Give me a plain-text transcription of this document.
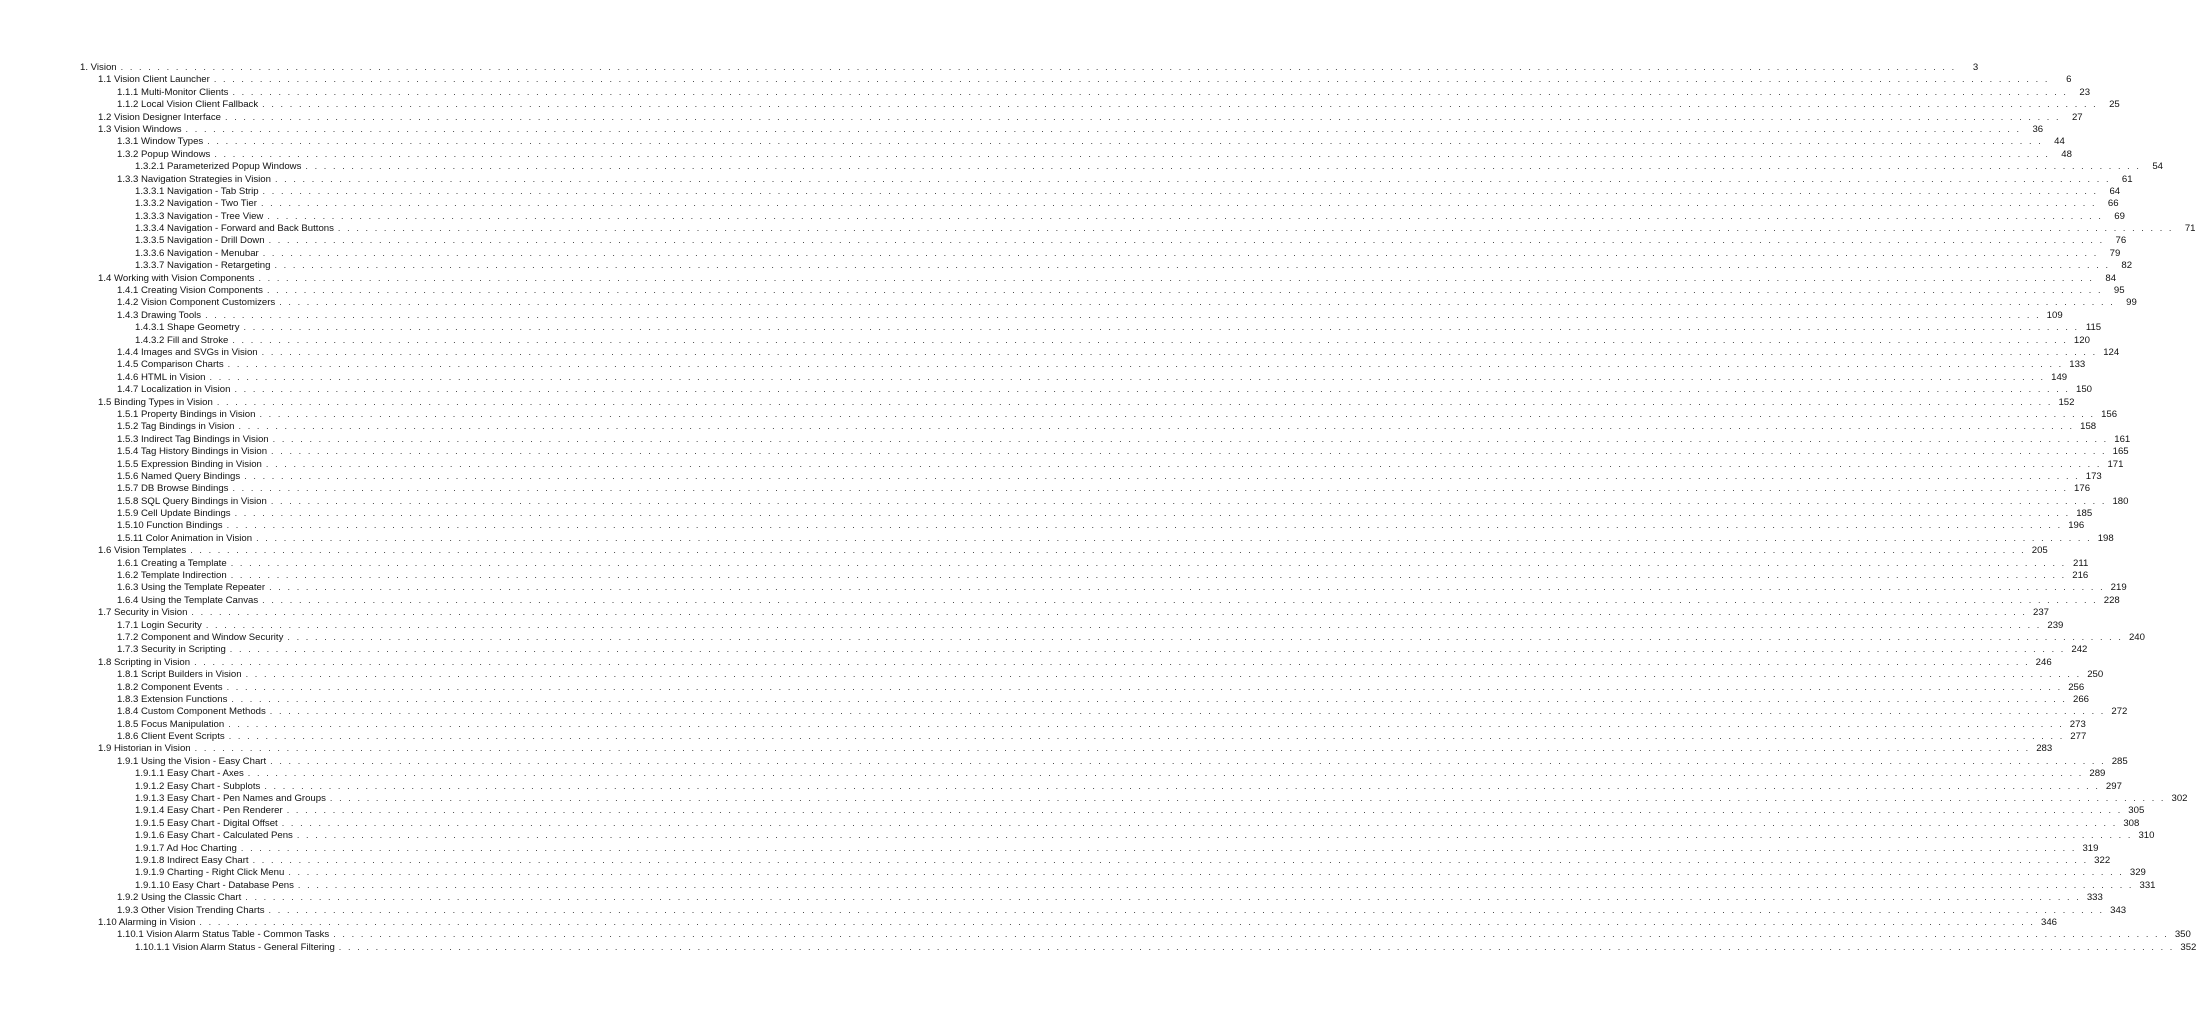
1. Vision . . . . . . . . . . . . . . . . . . . . . . . . . . . . . . . . . . . . . . . . . . . . . . . . . . . . . . . . . . . . . . . . . . . . . . . . . . . . . . . . . . . . . . . . . . . . . . . . . . . . . . . . . . . . . . . . . . . . . . . . . . . . . . . . . . . . . . . . . . . . . . . . . . . . . . . . . . . . . . . . . . . . . . . . . . . . . . . . . . . . . . . . . . . . . . . . . . . . . . . .	3
1.1 Vision Client Launcher . . . . . . . . . . . . . . . . . . . . . . . . . . . . . . . . . . . . . . . . . . . . . . . . . . . . . . . . . . . . . . . . . . . . . . . . . . . . . . . . . . . . . . . . . . . . . . . . . . . . . . . . . . . . . . . . . . . . . . . . . . . . . . . . . . . . . . . . . . . . . . . . . . . . . . . . . . . . . . . . . . . . . . . . . . . . . . . . . . . . . . . . . . . . . . . . . . . . . . . .	6
1.1.1 Multi-Monitor Clients . . . . . . . . . . . . . . . . . . . . . . . . . . . . . . . . . . . . . . . . . . . . . . . . . . . . . . . . . . . . . . . . . . . . . . . . . . . . . . . . . . . . . . . . . . . . . . . . . . . . . . . . . . . . . . . . . . . . . . . . . . . . . . . . . . . . . . . . . . . . . . . . . . . . . . . . . . . . . . . . . . . . . . . . . . . . . . . . . . . . . . . . . . . . . . . . . . . . . . . .	23
1.1.2 Local Vision Client Fallback . . . . . . . . . . . . . . . . . . . . . . . . . . . . . . . . . . . . . . . . . . . . . . . . . . . . . . . . . . . . . . . . . . . . . . . . . . . . . . . . . . . . . . . . . . . . . . . . . . . . . . . . . . . . . . . . . . . . . . . . . . . . . . . . . . . . . . . . . . . . . . . . . . . . . . . . . . . . . . . . . . . . . . . . . . . . . . . . . . . . . . . . . . . . . . . . . . . . . . . .	25
1.2 Vision Designer Interface . . . . . . . . . . . . . . . . . . . . . . . . . . . . . . . . . . . . . . . . . . . . . . . . . . . . . . . . . . . . . . . . . . . . . . . . . . . . . . . . . . . . . . . . . . . . . . . . . . . . . . . . . . . . . . . . . . . . . . . . . . . . . . . . . . . . . . . . . . . . . . . . . . . . . . . . . . . . . . . . . . . . . . . . . . . . . . . . . . . . . . . . . . . . . . . . . . . . . . . .	27
1.3 Vision Windows . . . . . . . . . . . . . . . . . . . . . . . . . . . . . . . . . . . . . . . . . . . . . . . . . . . . . . . . . . . . . . . . . . . . . . . . . . . . . . . . . . . . . . . . . . . . . . . . . . . . . . . . . . . . . . . . . . . . . . . . . . . . . . . . . . . . . . . . . . . . . . . . . . . . . . . . . . . . . . . . . . . . . . . . . . . . . . . . . . . . . . . . . . . . . . . . . . . . . . . .	36
1.3.1 Window Types . . . . . . . . . . . . . . . . . . . . . . . . . . . . . . . . . . . . . . . . . . . . . . . . . . . . . . . . . . . . . . . . . . . . . . . . . . . . . . . . . . . . . . . . . . . . . . . . . . . . . . . . . . . . . . . . . . . . . . . . . . . . . . . . . . . . . . . . . . . . . . . . . . . . . . . . . . . . . . . . . . . . . . . . . . . . . . . . . . . . . . . . . . . . . . . . . . . . . . . .	44
1.3.2 Popup Windows . . . . . . . . . . . . . . . . . . . . . . . . . . . . . . . . . . . . . . . . . . . . . . . . . . . . . . . . . . . . . . . . . . . . . . . . . . . . . . . . . . . . . . . . . . . . . . . . . . . . . . . . . . . . . . . . . . . . . . . . . . . . . . . . . . . . . . . . . . . . . . . . . . . . . . . . . . . . . . . . . . . . . . . . . . . . . . . . . . . . . . . . . . . . . . . . . . . . . . . .	48
1.3.2.1 Parameterized Popup Windows . . . . . . . . . . . . . . . . . . . . . . . . . . . . . . . . . . . . . . . . . . . . . . . . . . . . . . . . . . . . . . . . . . . . . . . . . . . . . . . . . . . . . . . . . . . . . . . . . . . . . . . . . . . . . . . . . . . . . . . . . . . . . . . . . . . . . . . . . . . . . . . . . . . . . . . . . . . . . . . . . . . . . . . . . . . . . . . . . . . . . . . . . . . . . . . . . . . . . . . .	54
1.3.3 Navigation Strategies in Vision . . . . . . . . . . . . . . . . . . . . . . . . . . . . . . . . . . . . . . . . . . . . . . . . . . . . . . . . . . . . . . . . . . . . . . . . . . . . . . . . . . . . . . . . . . . . . . . . . . . . . . . . . . . . . . . . . . . . . . . . . . . . . . . . . . . . . . . . . . . . . . . . . . . . . . . . . . . . . . . . . . . . . . . . . . . . . . . . . . . . . . . . . . . . . . . . . . . . . . . .	61
1.3.3.1 Navigation - Tab Strip . . . . . . . . . . . . . . . . . . . . . . . . . . . . . . . . . . . . . . . . . . . . . . . . . . . . . . . . . . . . . . . . . . . . . . . . . . . . . . . . . . . . . . . . . . . . . . . . . . . . . . . . . . . . . . . . . . . . . . . . . . . . . . . . . . . . . . . . . . . . . . . . . . . . . . . . . . . . . . . . . . . . . . . . . . . . . . . . . . . . . . . . . . . . . . . . . . . . . . . .	64
1.3.3.2 Navigation - Two Tier . . . . . . . . . . . . . . . . . . . . . . . . . . . . . . . . . . . . . . . . . . . . . . . . . . . . . . . . . . . . . . . . . . . . . . . . . . . . . . . . . . . . . . . . . . . . . . . . . . . . . . . . . . . . . . . . . . . . . . . . . . . . . . . . . . . . . . . . . . . . . . . . . . . . . . . . . . . . . . . . . . . . . . . . . . . . . . . . . . . . . . . . . . . . . . . . . . . . . . . .	66
1.3.3.3 Navigation - Tree View . . . . . . . . . . . . . . . . . . . . . . . . . . . . . . . . . . . . . . . . . . . . . . . . . . . . . . . . . . . . . . . . . . . . . . . . . . . . . . . . . . . . . . . . . . . . . . . . . . . . . . . . . . . . . . . . . . . . . . . . . . . . . . . . . . . . . . . . . . . . . . . . . . . . . . . . . . . . . . . . . . . . . . . . . . . . . . . . . . . . . . . . . . . . . . . . . . . . . . . .	69
1.3.3.4 Navigation - Forward and Back Buttons . . . . . . . . . . . . . . . . . . . . . . . . . . . . . . . . . . . . . . . . . . . . . . . . . . . . . . . . . . . . . . . . . . . . . . . . . . . . . . . . . . . . . . . . . . . . . . . . . . . . . . . . . . . . . . . . . . . . . . . . . . . . . . . . . . . . . . . . . . . . . . . . . . . . . . . . . . . . . . . . . . . . . . . . . . . . . . . . . . . . . . . . . . . . . . . . . . . . . . . .	71
1.3.3.5 Navigation - Drill Down . . . . . . . . . . . . . . . . . . . . . . . . . . . . . . . . . . . . . . . . . . . . . . . . . . . . . . . . . . . . . . . . . . . . . . . . . . . . . . . . . . . . . . . . . . . . . . . . . . . . . . . . . . . . . . . . . . . . . . . . . . . . . . . . . . . . . . . . . . . . . . . . . . . . . . . . . . . . . . . . . . . . . . . . . . . . . . . . . . . . . . . . . . . . . . . . . . . . . . . .	76
1.3.3.6 Navigation - Menubar . . . . . . . . . . . . . . . . . . . . . . . . . . . . . . . . . . . . . . . . . . . . . . . . . . . . . . . . . . . . . . . . . . . . . . . . . . . . . . . . . . . . . . . . . . . . . . . . . . . . . . . . . . . . . . . . . . . . . . . . . . . . . . . . . . . . . . . . . . . . . . . . . . . . . . . . . . . . . . . . . . . . . . . . . . . . . . . . . . . . . . . . . . . . . . . . . . . . . . . .	79
1.3.3.7 Navigation - Retargeting . . . . . . . . . . . . . . . . . . . . . . . . . . . . . . . . . . . . . . . . . . . . . . . . . . . . . . . . . . . . . . . . . . . . . . . . . . . . . . . . . . . . . . . . . . . . . . . . . . . . . . . . . . . . . . . . . . . . . . . . . . . . . . . . . . . . . . . . . . . . . . . . . . . . . . . . . . . . . . . . . . . . . . . . . . . . . . . . . . . . . . . . . . . . . . . . . . . . . . . .	82
1.4 Working with Vision Components . . . . . . . . . . . . . . . . . . . . . . . . . . . . . . . . . . . . . . . . . . . . . . . . . . . . . . . . . . . . . . . . . . . . . . . . . . . . . . . . . . . . . . . . . . . . . . . . . . . . . . . . . . . . . . . . . . . . . . . . . . . . . . . . . . . . . . . . . . . . . . . . . . . . . . . . . . . . . . . . . . . . . . . . . . . . . . . . . . . . . . . . . . . . . . . . . . . . . . . .	84
1.4.1 Creating Vision Components . . . . . . . . . . . . . . . . . . . . . . . . . . . . . . . . . . . . . . . . . . . . . . . . . . . . . . . . . . . . . . . . . . . . . . . . . . . . . . . . . . . . . . . . . . . . . . . . . . . . . . . . . . . . . . . . . . . . . . . . . . . . . . . . . . . . . . . . . . . . . . . . . . . . . . . . . . . . . . . . . . . . . . . . . . . . . . . . . . . . . . . . . . . . . . . . . . . . . . . .	95
1.4.2 Vision Component Customizers . . . . . . . . . . . . . . . . . . . . . . . . . . . . . . . . . . . . . . . . . . . . . . . . . . . . . . . . . . . . . . . . . . . . . . . . . . . . . . . . . . . . . . . . . . . . . . . . . . . . . . . . . . . . . . . . . . . . . . . . . . . . . . . . . . . . . . . . . . . . . . . . . . . . . . . . . . . . . . . . . . . . . . . . . . . . . . . . . . . . . . . . . . . . . . . . . . . . . . . .	99
1.4.3 Drawing Tools . . . . . . . . . . . . . . . . . . . . . . . . . . . . . . . . . . . . . . . . . . . . . . . . . . . . . . . . . . . . . . . . . . . . . . . . . . . . . . . . . . . . . . . . . . . . . . . . . . . . . . . . . . . . . . . . . . . . . . . . . . . . . . . . . . . . . . . . . . . . . . . . . . . . . . . . . . . . . . . . . . . . . . . . . . . . . . . . . . . . . . . . . . . . . . . . . . . . . . . . 109
1.4.3.1 Shape Geometry . . . . . . . . . . . . . . . . . . . . . . . . . . . . . . . . . . . . . . . . . . . . . . . . . . . . . . . . . . . . . . . . . . . . . . . . . . . . . . . . . . . . . . . . . . . . . . . . . . . . . . . . . . . . . . . . . . . . . . . . . . . . . . . . . . . . . . . . . . . . . . . . . . . . . . . . . . . . . . . . . . . . . . . . . . . . . . . . . . . . . . . . . . . . . . . . . . . . . . . . 115
1.4.3.2 Fill and Stroke . . . . . . . . . . . . . . . . . . . . . . . . . . . . . . . . . . . . . . . . . . . . . . . . . . . . . . . . . . . . . . . . . . . . . . . . . . . . . . . . . . . . . . . . . . . . . . . . . . . . . . . . . . . . . . . . . . . . . . . . . . . . . . . . . . . . . . . . . . . . . . . . . . . . . . . . . . . . . . . . . . . . . . . . . . . . . . . . . . . . . . . . . . . . . . . . . . . . . . . . 120
1.4.4 Images and SVGs in Vision . . . . . . . . . . . . . . . . . . . . . . . . . . . . . . . . . . . . . . . . . . . . . . . . . . . . . . . . . . . . . . . . . . . . . . . . . . . . . . . . . . . . . . . . . . . . . . . . . . . . . . . . . . . . . . . . . . . . . . . . . . . . . . . . . . . . . . . . . . . . . . . . . . . . . . . . . . . . . . . . . . . . . . . . . . . . . . . . . . . . . . . . . . . . . . . . . . . . . . . . 124
1.4.5 Comparison Charts . . . . . . . . . . . . . . . . . . . . . . . . . . . . . . . . . . . . . . . . . . . . . . . . . . . . . . . . . . . . . . . . . . . . . . . . . . . . . . . . . . . . . . . . . . . . . . . . . . . . . . . . . . . . . . . . . . . . . . . . . . . . . . . . . . . . . . . . . . . . . . . . . . . . . . . . . . . . . . . . . . . . . . . . . . . . . . . . . . . . . . . . . . . . . . . . . . . . . . . . 133
1.4.6 HTML in Vision . . . . . . . . . . . . . . . . . . . . . . . . . . . . . . . . . . . . . . . . . . . . . . . . . . . . . . . . . . . . . . . . . . . . . . . . . . . . . . . . . . . . . . . . . . . . . . . . . . . . . . . . . . . . . . . . . . . . . . . . . . . . . . . . . . . . . . . . . . . . . . . . . . . . . . . . . . . . . . . . . . . . . . . . . . . . . . . . . . . . . . . . . . . . . . . . . . . . . . . . 149
1.4.7 Localization in Vision . . . . . . . . . . . . . . . . . . . . . . . . . . . . . . . . . . . . . . . . . . . . . . . . . . . . . . . . . . . . . . . . . . . . . . . . . . . . . . . . . . . . . . . . . . . . . . . . . . . . . . . . . . . . . . . . . . . . . . . . . . . . . . . . . . . . . . . . . . . . . . . . . . . . . . . . . . . . . . . . . . . . . . . . . . . . . . . . . . . . . . . . . . . . . . . . . . . . . . . . 150
1.5 Binding Types in Vision . . . . . . . . . . . . . . . . . . . . . . . . . . . . . . . . . . . . . . . . . . . . . . . . . . . . . . . . . . . . . . . . . . . . . . . . . . . . . . . . . . . . . . . . . . . . . . . . . . . . . . . . . . . . . . . . . . . . . . . . . . . . . . . . . . . . . . . . . . . . . . . . . . . . . . . . . . . . . . . . . . . . . . . . . . . . . . . . . . . . . . . . . . . . . . . . . . . . . . . . 152
1.5.1 Property Bindings in Vision . . . . . . . . . . . . . . . . . . . . . . . . . . . . . . . . . . . . . . . . . . . . . . . . . . . . . . . . . . . . . . . . . . . . . . . . . . . . . . . . . . . . . . . . . . . . . . . . . . . . . . . . . . . . . . . . . . . . . . . . . . . . . . . . . . . . . . . . . . . . . . . . . . . . . . . . . . . . . . . . . . . . . . . . . . . . . . . . . . . . . . . . . . . . . . . . . . . . . . . . 156
1.5.2 Tag Bindings in Vision . . . . . . . . . . . . . . . . . . . . . . . . . . . . . . . . . . . . . . . . . . . . . . . . . . . . . . . . . . . . . . . . . . . . . . . . . . . . . . . . . . . . . . . . . . . . . . . . . . . . . . . . . . . . . . . . . . . . . . . . . . . . . . . . . . . . . . . . . . . . . . . . . . . . . . . . . . . . . . . . . . . . . . . . . . . . . . . . . . . . . . . . . . . . . . . . . . . . . . . . 158
1.5.3 Indirect Tag Bindings in Vision . . . . . . . . . . . . . . . . . . . . . . . . . . . . . . . . . . . . . . . . . . . . . . . . . . . . . . . . . . . . . . . . . . . . . . . . . . . . . . . . . . . . . . . . . . . . . . . . . . . . . . . . . . . . . . . . . . . . . . . . . . . . . . . . . . . . . . . . . . . . . . . . . . . . . . . . . . . . . . . . . . . . . . . . . . . . . . . . . . . . . . . . . . . . . . . . . . . . . . . . 161
1.5.4 Tag History Bindings in Vision . . . . . . . . . . . . . . . . . . . . . . . . . . . . . . . . . . . . . . . . . . . . . . . . . . . . . . . . . . . . . . . . . . . . . . . . . . . . . . . . . . . . . . . . . . . . . . . . . . . . . . . . . . . . . . . . . . . . . . . . . . . . . . . . . . . . . . . . . . . . . . . . . . . . . . . . . . . . . . . . . . . . . . . . . . . . . . . . . . . . . . . . . . . . . . . . . . . . . . . . 165
1.5.5 Expression Binding in Vision . . . . . . . . . . . . . . . . . . . . . . . . . . . . . . . . . . . . . . . . . . . . . . . . . . . . . . . . . . . . . . . . . . . . . . . . . . . . . . . . . . . . . . . . . . . . . . . . . . . . . . . . . . . . . . . . . . . . . . . . . . . . . . . . . . . . . . . . . . . . . . . . . . . . . . . . . . . . . . . . . . . . . . . . . . . . . . . . . . . . . . . . . . . . . . . . . . . . . . . . 171
1.5.6 Named Query Bindings . . . . . . . . . . . . . . . . . . . . . . . . . . . . . . . . . . . . . . . . . . . . . . . . . . . . . . . . . . . . . . . . . . . . . . . . . . . . . . . . . . . . . . . . . . . . . . . . . . . . . . . . . . . . . . . . . . . . . . . . . . . . . . . . . . . . . . . . . . . . . . . . . . . . . . . . . . . . . . . . . . . . . . . . . . . . . . . . . . . . . . . . . . . . . . . . . . . . . . . . 173
1.5.7 DB Browse Bindings . . . . . . . . . . . . . . . . . . . . . . . . . . . . . . . . . . . . . . . . . . . . . . . . . . . . . . . . . . . . . . . . . . . . . . . . . . . . . . . . . . . . . . . . . . . . . . . . . . . . . . . . . . . . . . . . . . . . . . . . . . . . . . . . . . . . . . . . . . . . . . . . . . . . . . . . . . . . . . . . . . . . . . . . . . . . . . . . . . . . . . . . . . . . . . . . . . . . . . . . 176
1.5.8 SQL Query Bindings in Vision . . . . . . . . . . . . . . . . . . . . . . . . . . . . . . . . . . . . . . . . . . . . . . . . . . . . . . . . . . . . . . . . . . . . . . . . . . . . . . . . . . . . . . . . . . . . . . . . . . . . . . . . . . . . . . . . . . . . . . . . . . . . . . . . . . . . . . . . . . . . . . . . . . . . . . . . . . . . . . . . . . . . . . . . . . . . . . . . . . . . . . . . . . . . . . . . . . . . . . . . 180
1.5.9 Cell Update Bindings . . . . . . . . . . . . . . . . . . . . . . . . . . . . . . . . . . . . . . . . . . . . . . . . . . . . . . . . . . . . . . . . . . . . . . . . . . . . . . . . . . . . . . . . . . . . . . . . . . . . . . . . . . . . . . . . . . . . . . . . . . . . . . . . . . . . . . . . . . . . . . . . . . . . . . . . . . . . . . . . . . . . . . . . . . . . . . . . . . . . . . . . . . . . . . . . . . . . . . . . 185
1.5.10 Function Bindings . . . . . . . . . . . . . . . . . . . . . . . . . . . . . . . . . . . . . . . . . . . . . . . . . . . . . . . . . . . . . . . . . . . . . . . . . . . . . . . . . . . . . . . . . . . . . . . . . . . . . . . . . . . . . . . . . . . . . . . . . . . . . . . . . . . . . . . . . . . . . . . . . . . . . . . . . . . . . . . . . . . . . . . . . . . . . . . . . . . . . . . . . . . . . . . . . . . . . . . . 196
1.5.11 Color Animation in Vision . . . . . . . . . . . . . . . . . . . . . . . . . . . . . . . . . . . . . . . . . . . . . . . . . . . . . . . . . . . . . . . . . . . . . . . . . . . . . . . . . . . . . . . . . . . . . . . . . . . . . . . . . . . . . . . . . . . . . . . . . . . . . . . . . . . . . . . . . . . . . . . . . . . . . . . . . . . . . . . . . . . . . . . . . . . . . . . . . . . . . . . . . . . . . . . . . . . . . . . . 198
1.6 Vision Templates . . . . . . . . . . . . . . . . . . . . . . . . . . . . . . . . . . . . . . . . . . . . . . . . . . . . . . . . . . . . . . . . . . . . . . . . . . . . . . . . . . . . . . . . . . . . . . . . . . . . . . . . . . . . . . . . . . . . . . . . . . . . . . . . . . . . . . . . . . . . . . . . . . . . . . . . . . . . . . . . . . . . . . . . . . . . . . . . . . . . . . . . . . . . . . . . . . . . . . . . 205
1.6.1 Creating a Template . . . . . . . . . . . . . . . . . . . . . . . . . . . . . . . . . . . . . . . . . . . . . . . . . . . . . . . . . . . . . . . . . . . . . . . . . . . . . . . . . . . . . . . . . . . . . . . . . . . . . . . . . . . . . . . . . . . . . . . . . . . . . . . . . . . . . . . . . . . . . . . . . . . . . . . . . . . . . . . . . . . . . . . . . . . . . . . . . . . . . . . . . . . . . . . . . . . . . . . . 211
1.6.2 Template Indirection . . . . . . . . . . . . . . . . . . . . . . . . . . . . . . . . . . . . . . . . . . . . . . . . . . . . . . . . . . . . . . . . . . . . . . . . . . . . . . . . . . . . . . . . . . . . . . . . . . . . . . . . . . . . . . . . . . . . . . . . . . . . . . . . . . . . . . . . . . . . . . . . . . . . . . . . . . . . . . . . . . . . . . . . . . . . . . . . . . . . . . . . . . . . . . . . . . . . . . . . 216
1.6.3 Using the Template Repeater . . . . . . . . . . . . . . . . . . . . . . . . . . . . . . . . . . . . . . . . . . . . . . . . . . . . . . . . . . . . . . . . . . . . . . . . . . . . . . . . . . . . . . . . . . . . . . . . . . . . . . . . . . . . . . . . . . . . . . . . . . . . . . . . . . . . . . . . . . . . . . . . . . . . . . . . . . . . . . . . . . . . . . . . . . . . . . . . . . . . . . . . . . . . . . . . . . . . . . . . 219
1.6.4 Using the Template Canvas . . . . . . . . . . . . . . . . . . . . . . . . . . . . . . . . . . . . . . . . . . . . . . . . . . . . . . . . . . . . . . . . . . . . . . . . . . . . . . . . . . . . . . . . . . . . . . . . . . . . . . . . . . . . . . . . . . . . . . . . . . . . . . . . . . . . . . . . . . . . . . . . . . . . . . . . . . . . . . . . . . . . . . . . . . . . . . . . . . . . . . . . . . . . . . . . . . . . . . . . 228
1.7 Security in Vision . . . . . . . . . . . . . . . . . . . . . . . . . . . . . . . . . . . . . . . . . . . . . . . . . . . . . . . . . . . . . . . . . . . . . . . . . . . . . . . . . . . . . . . . . . . . . . . . . . . . . . . . . . . . . . . . . . . . . . . . . . . . . . . . . . . . . . . . . . . . . . . . . . . . . . . . . . . . . . . . . . . . . . . . . . . . . . . . . . . . . . . . . . . . . . . . . . . . . . . . 237
1.7.1 Login Security . . . . . . . . . . . . . . . . . . . . . . . . . . . . . . . . . . . . . . . . . . . . . . . . . . . . . . . . . . . . . . . . . . . . . . . . . . . . . . . . . . . . . . . . . . . . . . . . . . . . . . . . . . . . . . . . . . . . . . . . . . . . . . . . . . . . . . . . . . . . . . . . . . . . . . . . . . . . . . . . . . . . . . . . . . . . . . . . . . . . . . . . . . . . . . . . . . . . . . . . 239
1.7.2 Component and Window Security . . . . . . . . . . . . . . . . . . . . . . . . . . . . . . . . . . . . . . . . . . . . . . . . . . . . . . . . . . . . . . . . . . . . . . . . . . . . . . . . . . . . . . . . . . . . . . . . . . . . . . . . . . . . . . . . . . . . . . . . . . . . . . . . . . . . . . . . . . . . . . . . . . . . . . . . . . . . . . . . . . . . . . . . . . . . . . . . . . . . . . . . . . . . . . . . . . . . . . . . 240
1.7.3 Security in Scripting . . . . . . . . . . . . . . . . . . . . . . . . . . . . . . . . . . . . . . . . . . . . . . . . . . . . . . . . . . . . . . . . . . . . . . . . . . . . . . . . . . . . . . . . . . . . . . . . . . . . . . . . . . . . . . . . . . . . . . . . . . . . . . . . . . . . . . . . . . . . . . . . . . . . . . . . . . . . . . . . . . . . . . . . . . . . . . . . . . . . . . . . . . . . . . . . . . . . . . . . 242
1.8 Scripting in Vision . . . . . . . . . . . . . . . . . . . . . . . . . . . . . . . . . . . . . . . . . . . . . . . . . . . . . . . . . . . . . . . . . . . . . . . . . . . . . . . . . . . . . . . . . . . . . . . . . . . . . . . . . . . . . . . . . . . . . . . . . . . . . . . . . . . . . . . . . . . . . . . . . . . . . . . . . . . . . . . . . . . . . . . . . . . . . . . . . . . . . . . . . . . . . . . . . . . . . . . . 246
1.8.1 Script Builders in Vision . . . . . . . . . . . . . . . . . . . . . . . . . . . . . . . . . . . . . . . . . . . . . . . . . . . . . . . . . . . . . . . . . . . . . . . . . . . . . . . . . . . . . . . . . . . . . . . . . . . . . . . . . . . . . . . . . . . . . . . . . . . . . . . . . . . . . . . . . . . . . . . . . . . . . . . . . . . . . . . . . . . . . . . . . . . . . . . . . . . . . . . . . . . . . . . . . . . . . . . . 250
1.8.2 Component Events . . . . . . . . . . . . . . . . . . . . . . . . . . . . . . . . . . . . . . . . . . . . . . . . . . . . . . . . . . . . . . . . . . . . . . . . . . . . . . . . . . . . . . . . . . . . . . . . . . . . . . . . . . . . . . . . . . . . . . . . . . . . . . . . . . . . . . . . . . . . . . . . . . . . . . . . . . . . . . . . . . . . . . . . . . . . . . . . . . . . . . . . . . . . . . . . . . . . . . . . 256
1.8.3 Extension Functions . . . . . . . . . . . . . . . . . . . . . . . . . . . . . . . . . . . . . . . . . . . . . . . . . . . . . . . . . . . . . . . . . . . . . . . . . . . . . . . . . . . . . . . . . . . . . . . . . . . . . . . . . . . . . . . . . . . . . . . . . . . . . . . . . . . . . . . . . . . . . . . . . . . . . . . . . . . . . . . . . . . . . . . . . . . . . . . . . . . . . . . . . . . . . . . . . . . . . . . . 266
1.8.4 Custom Component Methods . . . . . . . . . . . . . . . . . . . . . . . . . . . . . . . . . . . . . . . . . . . . . . . . . . . . . . . . . . . . . . . . . . . . . . . . . . . . . . . . . . . . . . . . . . . . . . . . . . . . . . . . . . . . . . . . . . . . . . . . . . . . . . . . . . . . . . . . . . . . . . . . . . . . . . . . . . . . . . . . . . . . . . . . . . . . . . . . . . . . . . . . . . . . . . . . . . . . . . . . 272
1.8.5 Focus Manipulation . . . . . . . . . . . . . . . . . . . . . . . . . . . . . . . . . . . . . . . . . . . . . . . . . . . . . . . . . . . . . . . . . . . . . . . . . . . . . . . . . . . . . . . . . . . . . . . . . . . . . . . . . . . . . . . . . . . . . . . . . . . . . . . . . . . . . . . . . . . . . . . . . . . . . . . . . . . . . . . . . . . . . . . . . . . . . . . . . . . . . . . . . . . . . . . . . . . . . . . . 273
1.8.6 Client Event Scripts . . . . . . . . . . . . . . . . . . . . . . . . . . . . . . . . . . . . . . . . . . . . . . . . . . . . . . . . . . . . . . . . . . . . . . . . . . . . . . . . . . . . . . . . . . . . . . . . . . . . . . . . . . . . . . . . . . . . . . . . . . . . . . . . . . . . . . . . . . . . . . . . . . . . . . . . . . . . . . . . . . . . . . . . . . . . . . . . . . . . . . . . . . . . . . . . . . . . . . . . 277
1.9 Historian in Vision . . . . . . . . . . . . . . . . . . . . . . . . . . . . . . . . . . . . . . . . . . . . . . . . . . . . . . . . . . . . . . . . . . . . . . . . . . . . . . . . . . . . . . . . . . . . . . . . . . . . . . . . . . . . . . . . . . . . . . . . . . . . . . . . . . . . . . . . . . . . . . . . . . . . . . . . . . . . . . . . . . . . . . . . . . . . . . . . . . . . . . . . . . . . . . . . . . . . . . . . 283
1.9.1 Using the Vision - Easy Chart . . . . . . . . . . . . . . . . . . . . . . . . . . . . . . . . . . . . . . . . . . . . . . . . . . . . . . . . . . . . . . . . . . . . . . . . . . . . . . . . . . . . . . . . . . . . . . . . . . . . . . . . . . . . . . . . . . . . . . . . . . . . . . . . . . . . . . . . . . . . . . . . . . . . . . . . . . . . . . . . . . . . . . . . . . . . . . . . . . . . . . . . . . . . . . . . . . . . . . . . 285
1.9.1.1 Easy Chart - Axes . . . . . . . . . . . . . . . . . . . . . . . . . . . . . . . . . . . . . . . . . . . . . . . . . . . . . . . . . . . . . . . . . . . . . . . . . . . . . . . . . . . . . . . . . . . . . . . . . . . . . . . . . . . . . . . . . . . . . . . . . . . . . . . . . . . . . . . . . . . . . . . . . . . . . . . . . . . . . . . . . . . . . . . . . . . . . . . . . . . . . . . . . . . . . . . . . . . . . . . . 289
1.9.1.2 Easy Chart - Subplots . . . . . . . . . . . . . . . . . . . . . . . . . . . . . . . . . . . . . . . . . . . . . . . . . . . . . . . . . . . . . . . . . . . . . . . . . . . . . . . . . . . . . . . . . . . . . . . . . . . . . . . . . . . . . . . . . . . . . . . . . . . . . . . . . . . . . . . . . . . . . . . . . . . . . . . . . . . . . . . . . . . . . . . . . . . . . . . . . . . . . . . . . . . . . . . . . . . . . . . . 297
1.9.1.3 Easy Chart - Pen Names and Groups . . . . . . . . . . . . . . . . . . . . . . . . . . . . . . . . . . . . . . . . . . . . . . . . . . . . . . . . . . . . . . . . . . . . . . . . . . . . . . . . . . . . . . . . . . . . . . . . . . . . . . . . . . . . . . . . . . . . . . . . . . . . . . . . . . . . . . . . . . . . . . . . . . . . . . . . . . . . . . . . . . . . . . . . . . . . . . . . . . . . . . . . . . . . . . . . . . . . . . . . 302
1.9.1.4 Easy Chart - Pen Renderer . . . . . . . . . . . . . . . . . . . . . . . . . . . . . . . . . . . . . . . . . . . . . . . . . . . . . . . . . . . . . . . . . . . . . . . . . . . . . . . . . . . . . . . . . . . . . . . . . . . . . . . . . . . . . . . . . . . . . . . . . . . . . . . . . . . . . . . . . . . . . . . . . . . . . . . . . . . . . . . . . . . . . . . . . . . . . . . . . . . . . . . . . . . . . . . . . . . . . . . . 305
1.9.1.5 Easy Chart - Digital Offset . . . . . . . . . . . . . . . . . . . . . . . . . . . . . . . . . . . . . . . . . . . . . . . . . . . . . . . . . . . . . . . . . . . . . . . . . . . . . . . . . . . . . . . . . . . . . . . . . . . . . . . . . . . . . . . . . . . . . . . . . . . . . . . . . . . . . . . . . . . . . . . . . . . . . . . . . . . . . . . . . . . . . . . . . . . . . . . . . . . . . . . . . . . . . . . . . . . . . . . . 308
1.9.1.6 Easy Chart - Calculated Pens . . . . . . . . . . . . . . . . . . . . . . . . . . . . . . . . . . . . . . . . . . . . . . . . . . . . . . . . . . . . . . . . . . . . . . . . . . . . . . . . . . . . . . . . . . . . . . . . . . . . . . . . . . . . . . . . . . . . . . . . . . . . . . . . . . . . . . . . . . . . . . . . . . . . . . . . . . . . . . . . . . . . . . . . . . . . . . . . . . . . . . . . . . . . . . . . . . . . . . . . 310
1.9.1.7 Ad Hoc Charting . . . . . . . . . . . . . . . . . . . . . . . . . . . . . . . . . . . . . . . . . . . . . . . . . . . . . . . . . . . . . . . . . . . . . . . . . . . . . . . . . . . . . . . . . . . . . . . . . . . . . . . . . . . . . . . . . . . . . . . . . . . . . . . . . . . . . . . . . . . . . . . . . . . . . . . . . . . . . . . . . . . . . . . . . . . . . . . . . . . . . . . . . . . . . . . . . . . . . . . . 319
1.9.1.8 Indirect Easy Chart . . . . . . . . . . . . . . . . . . . . . . . . . . . . . . . . . . . . . . . . . . . . . . . . . . . . . . . . . . . . . . . . . . . . . . . . . . . . . . . . . . . . . . . . . . . . . . . . . . . . . . . . . . . . . . . . . . . . . . . . . . . . . . . . . . . . . . . . . . . . . . . . . . . . . . . . . . . . . . . . . . . . . . . . . . . . . . . . . . . . . . . . . . . . . . . . . . . . . . . . 322
1.9.1.9 Charting - Right Click Menu . . . . . . . . . . . . . . . . . . . . . . . . . . . . . . . . . . . . . . . . . . . . . . . . . . . . . . . . . . . . . . . . . . . . . . . . . . . . . . . . . . . . . . . . . . . . . . . . . . . . . . . . . . . . . . . . . . . . . . . . . . . . . . . . . . . . . . . . . . . . . . . . . . . . . . . . . . . . . . . . . . . . . . . . . . . . . . . . . . . . . . . . . . . . . . . . . . . . . . . . 329
1.9.1.10 Easy Chart - Database Pens . . . . . . . . . . . . . . . . . . . . . . . . . . . . . . . . . . . . . . . . . . . . . . . . . . . . . . . . . . . . . . . . . . . . . . . . . . . . . . . . . . . . . . . . . . . . . . . . . . . . . . . . . . . . . . . . . . . . . . . . . . . . . . . . . . . . . . . . . . . . . . . . . . . . . . . . . . . . . . . . . . . . . . . . . . . . . . . . . . . . . . . . . . . . . . . . . . . . . . . . 331
1.9.2 Using the Classic Chart . . . . . . . . . . . . . . . . . . . . . . . . . . . . . . . . . . . . . . . . . . . . . . . . . . . . . . . . . . . . . . . . . . . . . . . . . . . . . . . . . . . . . . . . . . . . . . . . . . . . . . . . . . . . . . . . . . . . . . . . . . . . . . . . . . . . . . . . . . . . . . . . . . . . . . . . . . . . . . . . . . . . . . . . . . . . . . . . . . . . . . . . . . . . . . . . . . . . . . . . 333
1.9.3 Other Vision Trending Charts . . . . . . . . . . . . . . . . . . . . . . . . . . . . . . . . . . . . . . . . . . . . . . . . . . . . . . . . . . . . . . . . . . . . . . . . . . . . . . . . . . . . . . . . . . . . . . . . . . . . . . . . . . . . . . . . . . . . . . . . . . . . . . . . . . . . . . . . . . . . . . . . . . . . . . . . . . . . . . . . . . . . . . . . . . . . . . . . . . . . . . . . . . . . . . . . . . . . . . . . 343
1.10 Alarming in Vision . . . . . . . . . . . . . . . . . . . . . . . . . . . . . . . . . . . . . . . . . . . . . . . . . . . . . . . . . . . . . . . . . . . . . . . . . . . . . . . . . . . . . . . . . . . . . . . . . . . . . . . . . . . . . . . . . . . . . . . . . . . . . . . . . . . . . . . . . . . . . . . . . . . . . . . . . . . . . . . . . . . . . . . . . . . . . . . . . . . . . . . . . . . . . . . . . . . . . . . . 346
1.10.1 Vision Alarm Status Table - Common Tasks . . . . . . . . . . . . . . . . . . . . . . . . . . . . . . . . . . . . . . . . . . . . . . . . . . . . . . . . . . . . . . . . . . . . . . . . . . . . . . . . . . . . . . . . . . . . . . . . . . . . . . . . . . . . . . . . . . . . . . . . . . . . . . . . . . . . . . . . . . . . . . . . . . . . . . . . . . . . . . . . . . . . . . . . . . . . . . . . . . . . . . . . . . . . . . . . . . . . . . . . 350
1.10.1.1 Vision Alarm Status - General Filtering . . . . . . . . . . . . . . . . . . . . . . . . . . . . . . . . . . . . . . . . . . . . . . . . . . . . . . . . . . . . . . . . . . . . . . . . . . . . . . . . . . . . . . . . . . . . . . . . . . . . . . . . . . . . . . . . . . . . . . . . . . . . . . . . . . . . . . . . . . . . . . . . . . . . . . . . . . . . . . . . . . . . . . . . . . . . . . . . . . . . . . . . . . . . . . . . . . . . . . . . 352
